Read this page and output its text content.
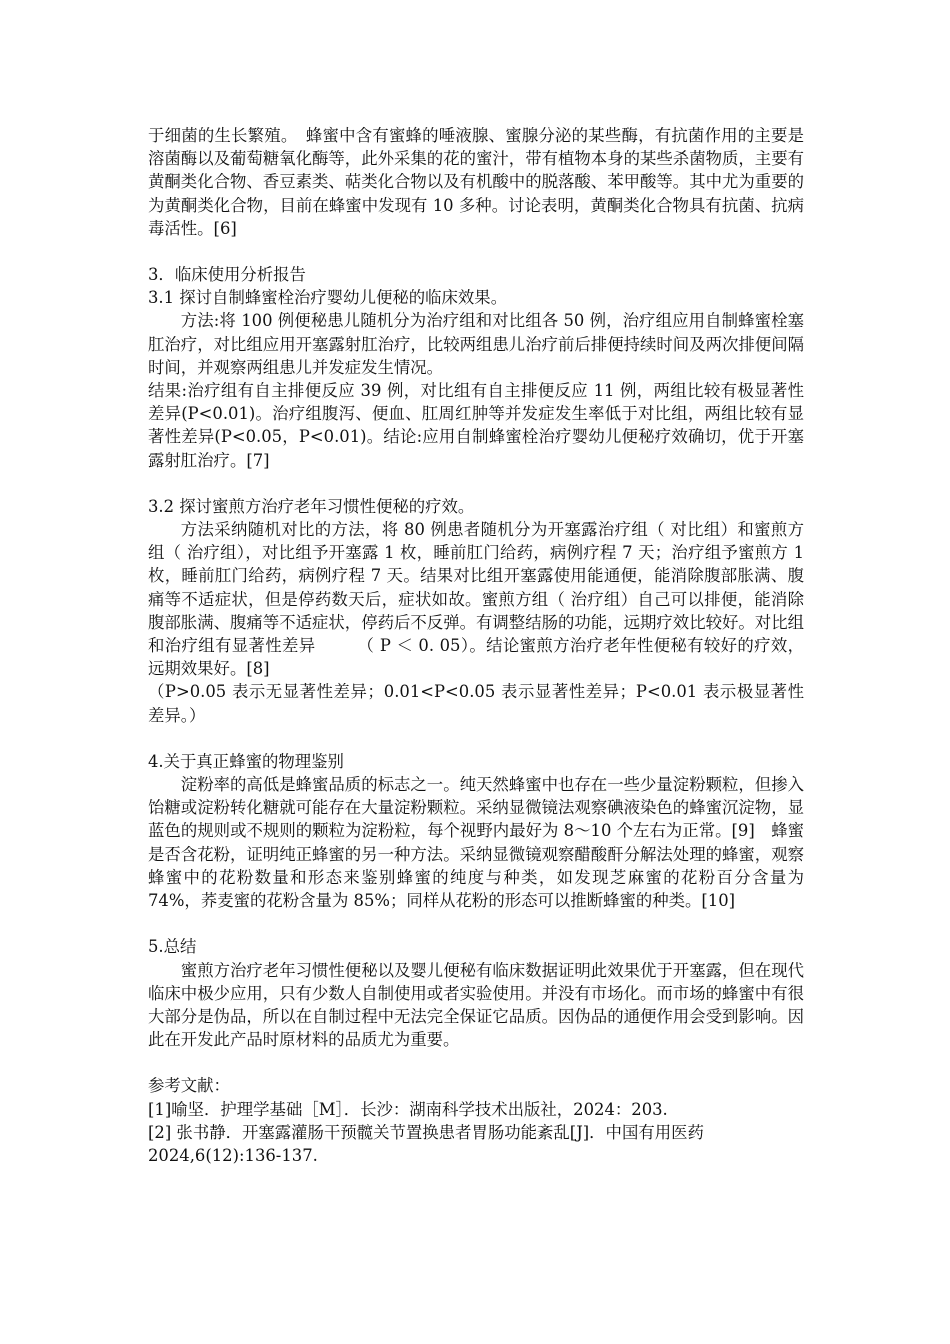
于细菌的生长繁殖。　蜂蜜中含有蜜蜂的唾液腺、蜜腺分泌的某些酶，有抗菌作用的主要是溶菌酶以及葡萄糖氧化酶等，此外采集的花的蜜汁，带有植物本身的某些杀菌物质，主要有黄酮类化合物、香豆素类、萜类化合物以及有机酸中的脱落酸、苯甲酸等。其中尤为重要的为黄酮类化合物，目前在蜂蜜中发现有 10 多种。讨论表明，黄酮类化合物具有抗菌、抗病毒活性。[6]

3．临床使用分析报告

3.1 探讨自制蜂蜜栓治疗婴幼儿便秘的临床效果。

方法:将 100 例便秘患儿随机分为治疗组和对比组各 50 例，治疗组应用自制蜂蜜栓塞肛治疗，对比组应用开塞露射肛治疗，比较两组患儿治疗前后排便持续时间及两次排便间隔时间，并观察两组患儿并发症发生情况。

结果:治疗组有自主排便反应 39 例，对比组有自主排便反应 11 例，两组比较有极显著性差异(P<0.01)。治疗组腹泻、便血、肛周红肿等并发症发生率低于对比组，两组比较有显著性差异(P<0.05，P<0.01)。结论:应用自制蜂蜜栓治疗婴幼儿便秘疗效确切，优于开塞露射肛治疗。[7]

3.2 探讨蜜煎方治疗老年习惯性便秘的疗效。

方法采纳随机对比的方法，将 80 例患者随机分为开塞露治疗组（ 对比组）和蜜煎方组（ 治疗组），对比组予开塞露 1 枚，睡前肛门给药，病例疗程 7 天；治疗组予蜜煎方 1 枚，睡前肛门给药，病例疗程 7 天。结果对比组开塞露使用能通便，能消除腹部胀满、腹痛等不适症状，但是停药数天后，症状如故。蜜煎方组（ 治疗组）自己可以排便，能消除腹部胀满、腹痛等不适症状，停药后不反弹。有调整结肠的功能，远期疗效比较好。对比组和治疗组有显著性差异　　　（ P ＜ 0. 05）。结论蜜煎方治疗老年性便秘有较好的疗效，远期效果好。[8]

（P>0.05 表示无显著性差异；0.01<P<0.05 表示显著性差异；P<0.01 表示极显著性差异。）

4.关于真正蜂蜜的物理鉴别

淀粉率的高低是蜂蜜品质的标志之一。纯天然蜂蜜中也存在一些少量淀粉颗粒，但掺入饴糖或淀粉转化糖就可能存在大量淀粉颗粒。采纳显微镜法观察碘液染色的蜂蜜沉淀物，显蓝色的规则或不规则的颗粒为淀粉粒，每个视野内最好为 8～10 个左右为正常。[9]　蜂蜜是否含花粉，证明纯正蜂蜜的另一种方法。采纳显微镜观察醋酸酐分解法处理的蜂蜜，观察蜂蜜中的花粉数量和形态来鉴别蜂蜜的纯度与种类，如发现芝麻蜜的花粉百分含量为 74%，荞麦蜜的花粉含量为 85%；同样从花粉的形态可以推断蜂蜜的种类。[10]

5.总结

蜜煎方治疗老年习惯性便秘以及婴儿便秘有临床数据证明此效果优于开塞露，但在现代临床中极少应用，只有少数人自制使用或者实验使用。并没有市场化。而市场的蜂蜜中有很大部分是伪品，所以在自制过程中无法完全保证它品质。因伪品的通便作用会受到影响。因此在开发此产品时原材料的品质尤为重要。

参考文献：

[1]喻坚．护理学基础［M］．长沙：湖南科学技术出版社，2024：203.

[2] 张书静．开塞露灌肠干预髋关节置换患者胃肠功能紊乱[J]．中国有用医药 2024,6(12):136-137.
